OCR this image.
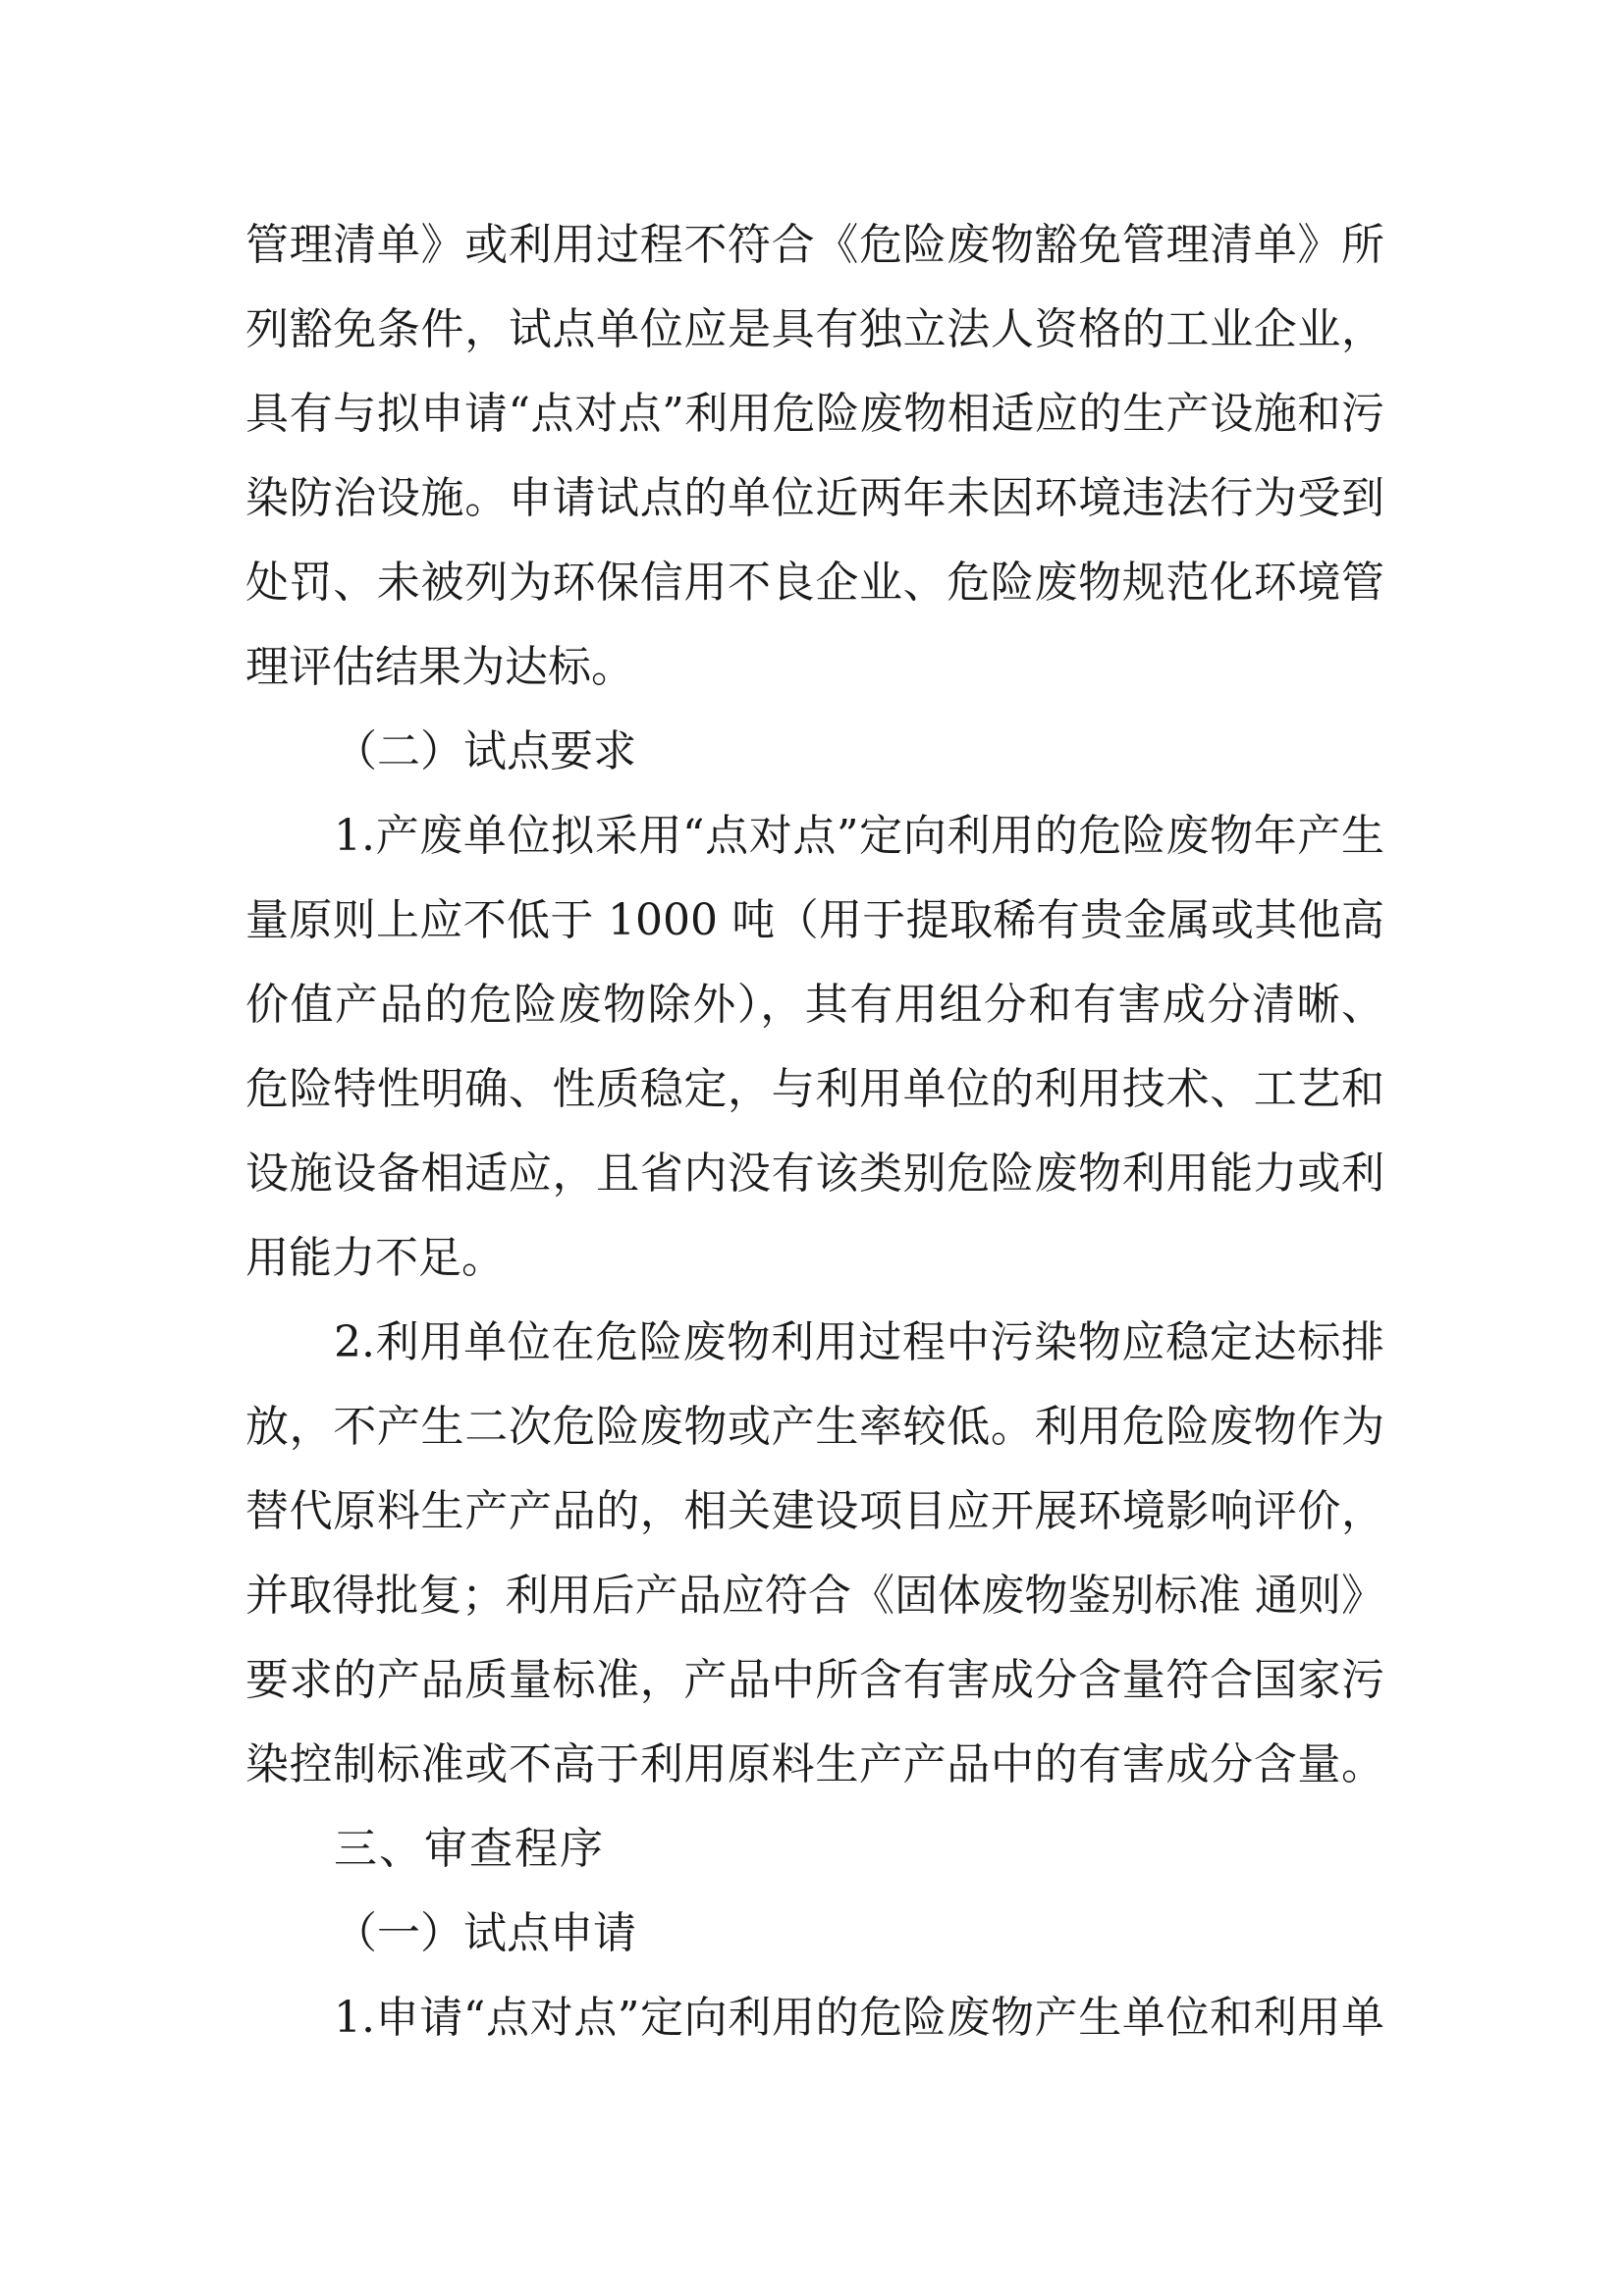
管理清单》或利用过程不符合《危险废物豁免管理清单》所
列豁免条件，试点单位应是具有独立法人资格的工业企业，
具有与拟申请“点对点”利用危险废物相适应的生产设施和污
染防治设施。申请试点的单位近两年未因环境违法行为受到
处罚、未被列为环保信用不良企业、危险废物规范化环境管
理评估结果为达标。
（二）试点要求
1.产废单位拟采用“点对点”定向利用的危险废物年产生
量原则上应不低于 1000 吨（用于提取稀有贵金属或其他高
价值产品的危险废物除外），其有用组分和有害成分清晰、
危险特性明确、性质稳定，与利用单位的利用技术、工艺和
设施设备相适应，且省内没有该类别危险废物利用能力或利
用能力不足。
2.利用单位在危险废物利用过程中污染物应稳定达标排
放，不产生二次危险废物或产生率较低。利用危险废物作为
替代原料生产产品的，相关建设项目应开展环境影响评价，
并取得批复；利用后产品应符合《固体废物鉴别标准 通则》
要求的产品质量标准，产品中所含有害成分含量符合国家污
染控制标准或不高于利用原料生产产品中的有害成分含量。
三、审查程序
（一）试点申请
1.申请“点对点”定向利用的危险废物产生单位和利用单
